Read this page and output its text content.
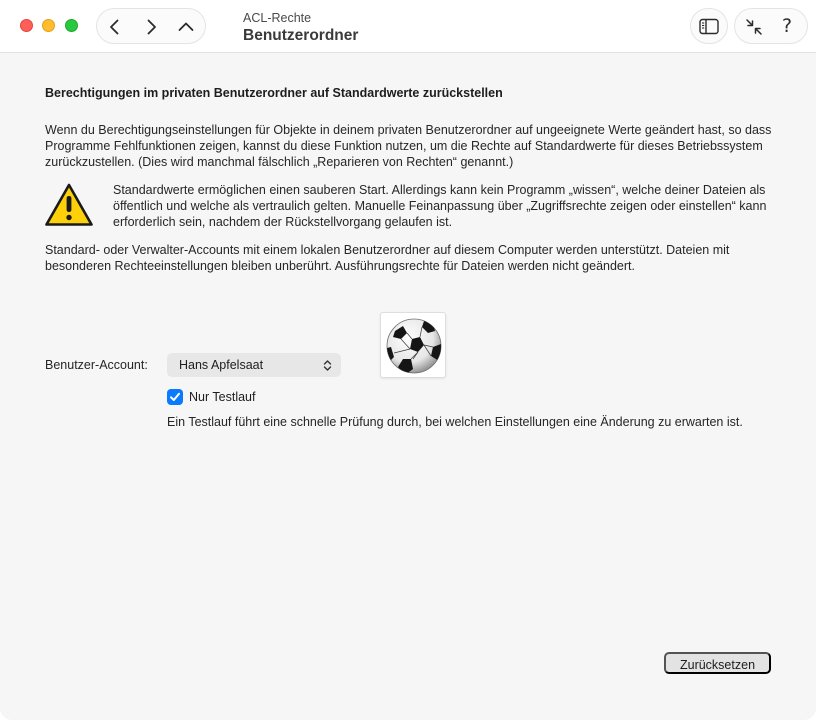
ACL-Rechte
Benutzerordner	?
Berechtigungen im privaten Benutzerordner auf Standardwerte zurückstellen
Wenn du Berechtigungseinstellungen für Objekte in deinem privaten Benutzerordner auf ungeeignete Werte geändert hast, so dass Programme Fehlfunktionen zeigen, kannst du diese Funktion nutzen, um die Rechte auf Standardwerte für dieses Betriebssystem zurückzustellen. (Dies wird manchmal fälschlich „Reparieren von Rechten“ genannt.)
Standardwerte ermöglichen einen sauberen Start. Allerdings kann kein Programm „wissen“, welche deiner Dateien als öffentlich und welche als vertraulich gelten. Manuelle Feinanpassung über „Zugriffsrechte zeigen oder einstellen“ kann erforderlich sein, nachdem der Rückstellvorgang gelaufen ist.
Standard- oder Verwalter-Accounts mit einem lokalen Benutzerordner auf diesem Computer werden unterstützt. Dateien mit besonderen Rechteeinstellungen bleiben unberührt. Ausführungsrechte für Dateien werden nicht geändert.
Benutzer-Account: Hans Apfelsaat
Nur Testlauf
Ein Testlauf führt eine schnelle Prüfung durch, bei welchen Einstellungen eine Änderung zu erwarten ist.
Zurücksetzen
